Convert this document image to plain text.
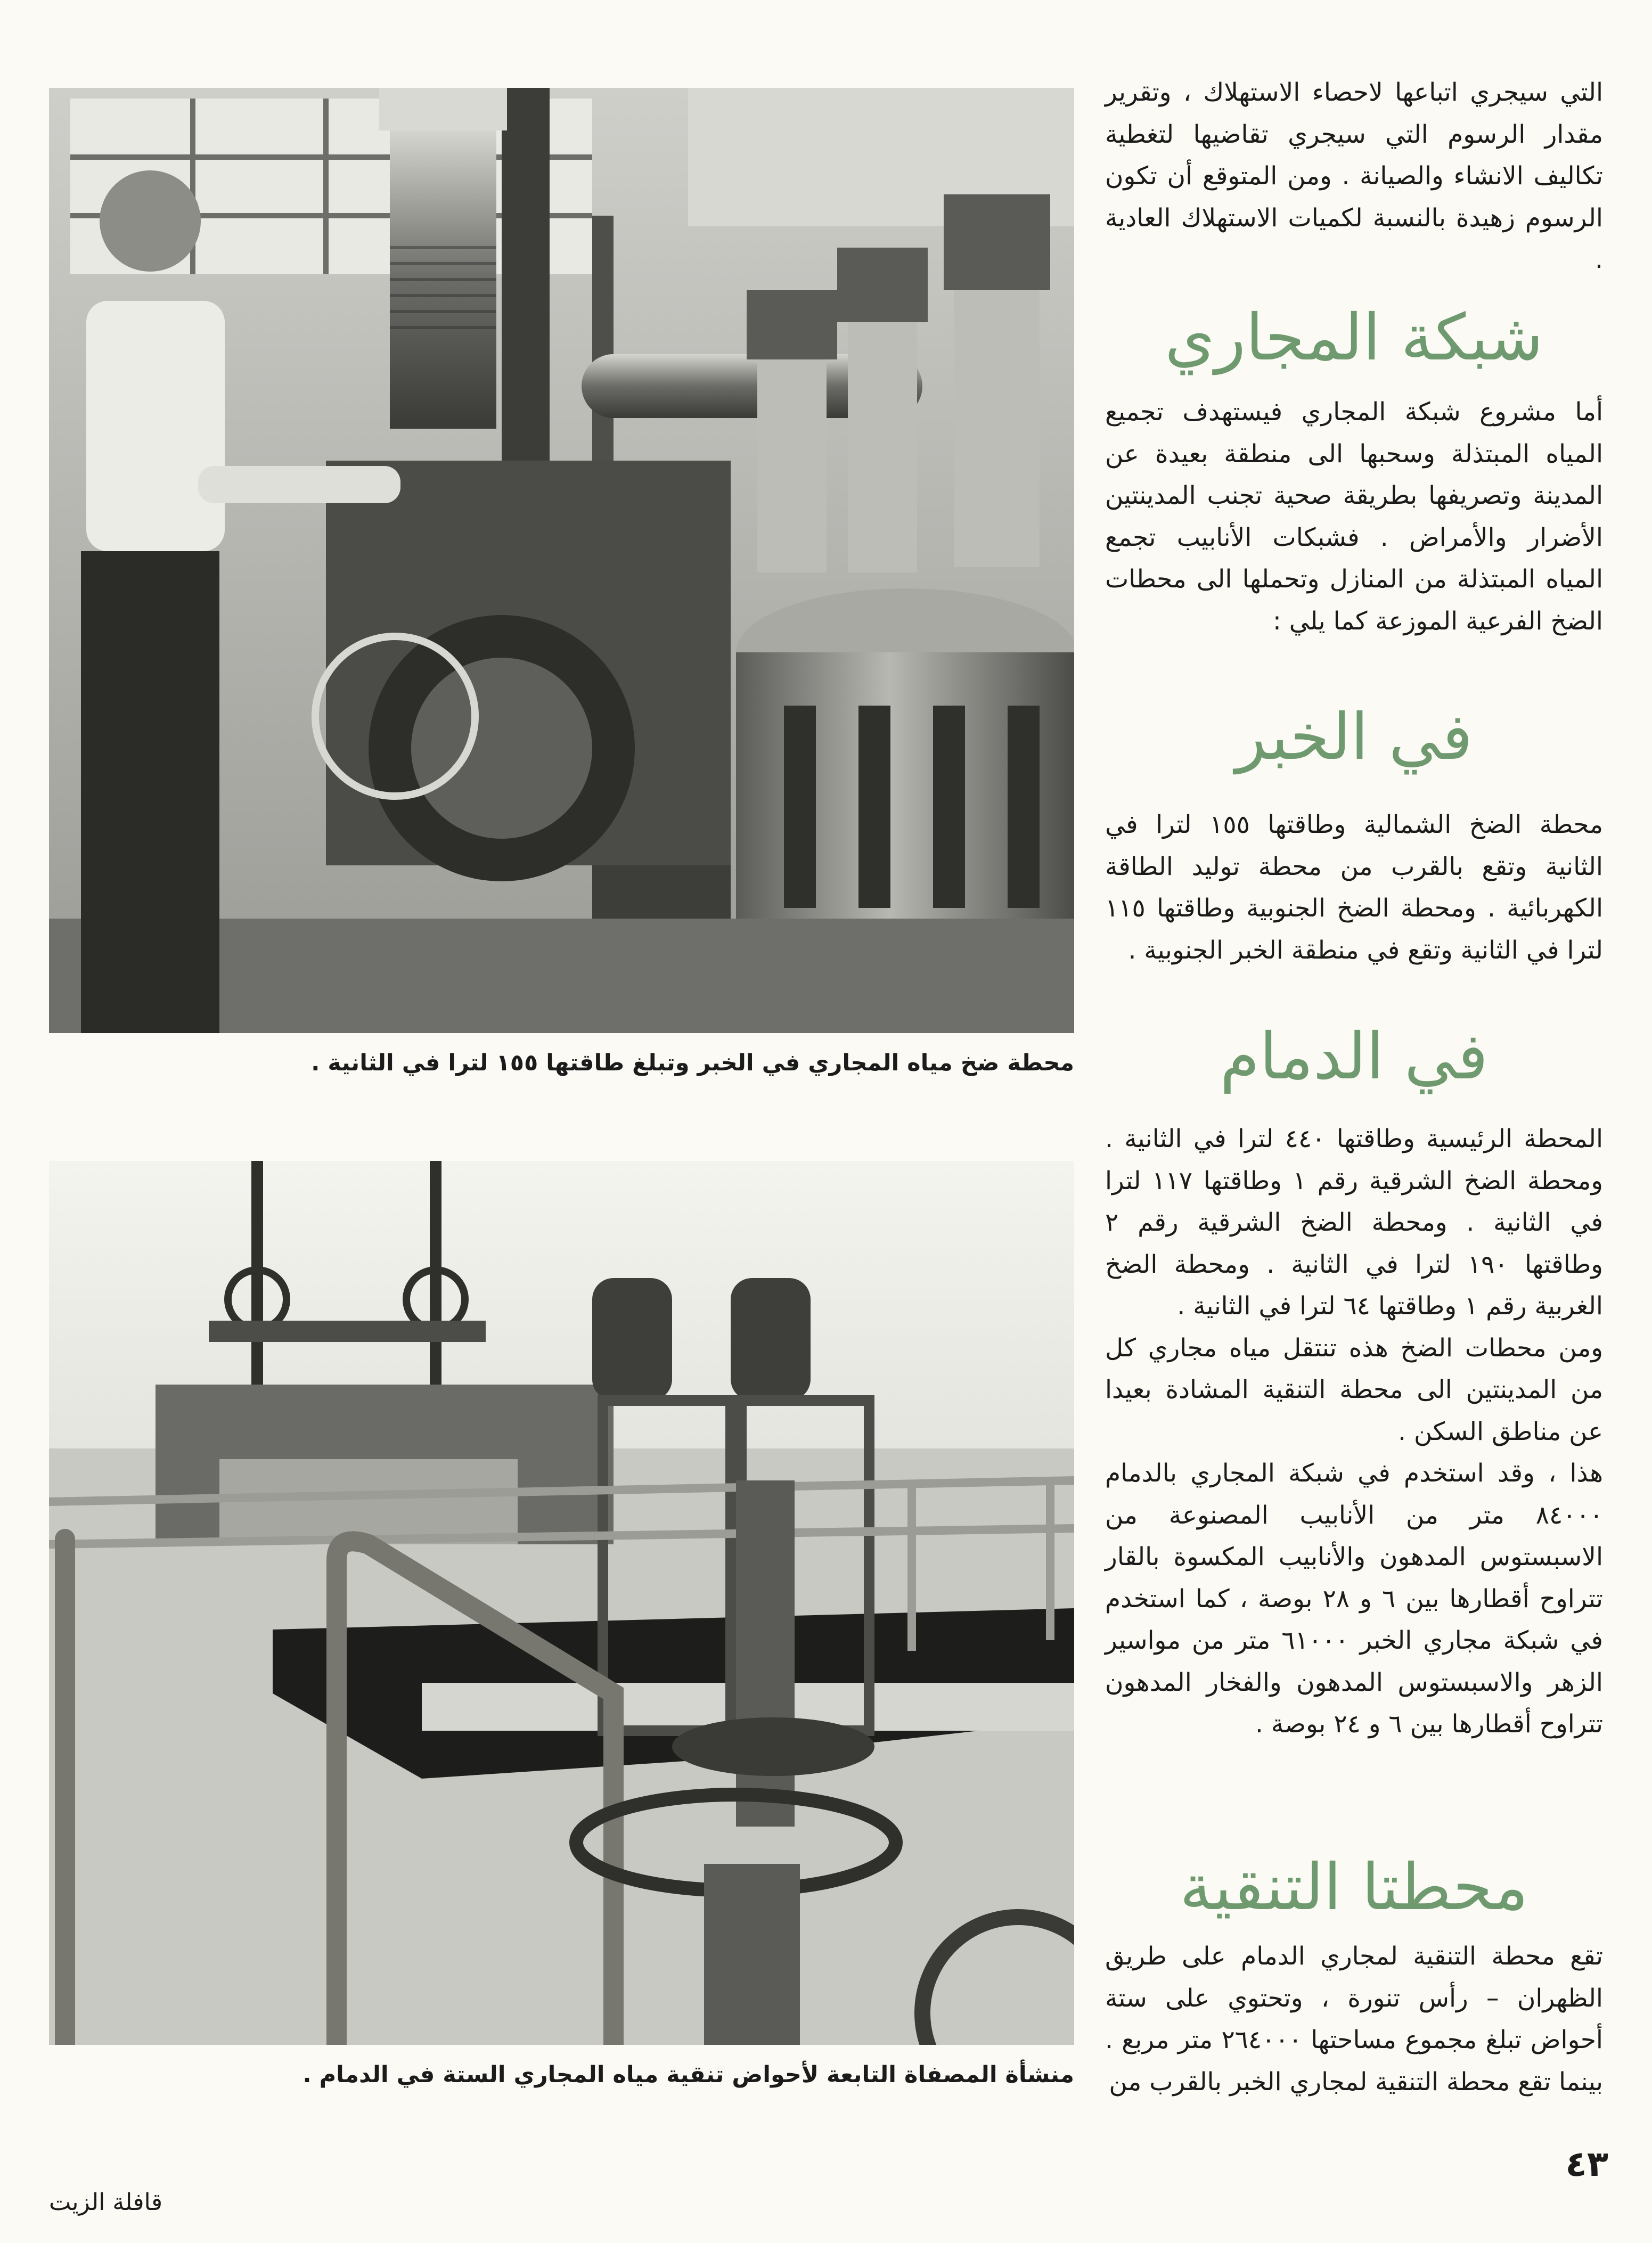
محطة ضخ مياه المجاري في الخبر وتبلغ طاقتها ١٥٥ لترا في الثانية .
منشأة المصفاة التابعة لأحواض تنقية مياه المجاري الستة في الدمام .

التي سيجري اتباعها لاحصاء الاستهلاك ، وتقرير مقدار الرسوم التي سيجري تقاضيها لتغطية تكاليف الانشاء والصيانة . ومن المتوقع أن تكون الرسوم زهيدة بالنسبة لكميات الاستهلاك العادية .

شبكة المجاري

أما مشروع شبكة المجاري فيستهدف تجميع المياه المبتذلة وسحبها الى منطقة بعيدة عن المدينة وتصريفها بطريقة صحية تجنب المدينتين الأضرار والأمراض . فشبكات الأنابيب تجمع المياه المبتذلة من المنازل وتحملها الى محطات الضخ الفرعية الموزعة كما يلي :

في الخبر

محطة الضخ الشمالية وطاقتها ١٥٥ لترا في الثانية وتقع بالقرب من محطة توليد الطاقة الكهربائية . ومحطة الضخ الجنوبية وطاقتها ١١٥ لترا في الثانية وتقع في منطقة الخبر الجنوبية .

في الدمام

المحطة الرئيسية وطاقتها ٤٤٠ لترا في الثانية . ومحطة الضخ الشرقية رقم ١ وطاقتها ١١٧ لترا في الثانية . ومحطة الضخ الشرقية رقم ٢ وطاقتها ١٩٠ لترا في الثانية . ومحطة الضخ الغربية رقم ١ وطاقتها ٦٤ لترا في الثانية .

ومن محطات الضخ هذه تنتقل مياه مجاري كل من المدينتين الى محطة التنقية المشادة بعيدا عن مناطق السكن .

هذا ، وقد استخدم في شبكة المجاري بالدمام ٨٤٠٠٠ متر من الأنابيب المصنوعة من الاسبستوس المدهون والأنابيب المكسوة بالقار تتراوح أقطارها بين ٦ و ٢٨ بوصة ، كما استخدم في شبكة مجاري الخبر ٦١٠٠٠ متر من مواسير الزهر والاسبستوس المدهون والفخار المدهون تتراوح أقطارها بين ٦ و ٢٤ بوصة .

محطتا التنقية

تقع محطة التنقية لمجاري الدمام على طريق الظهران – رأس تنورة ، وتحتوي على ستة أحواض تبلغ مجموع مساحتها ٢٦٤٠٠٠ متر مربع . بينما تقع محطة التنقية لمجاري الخبر بالقرب من

٤٣
قافلة الزيت
